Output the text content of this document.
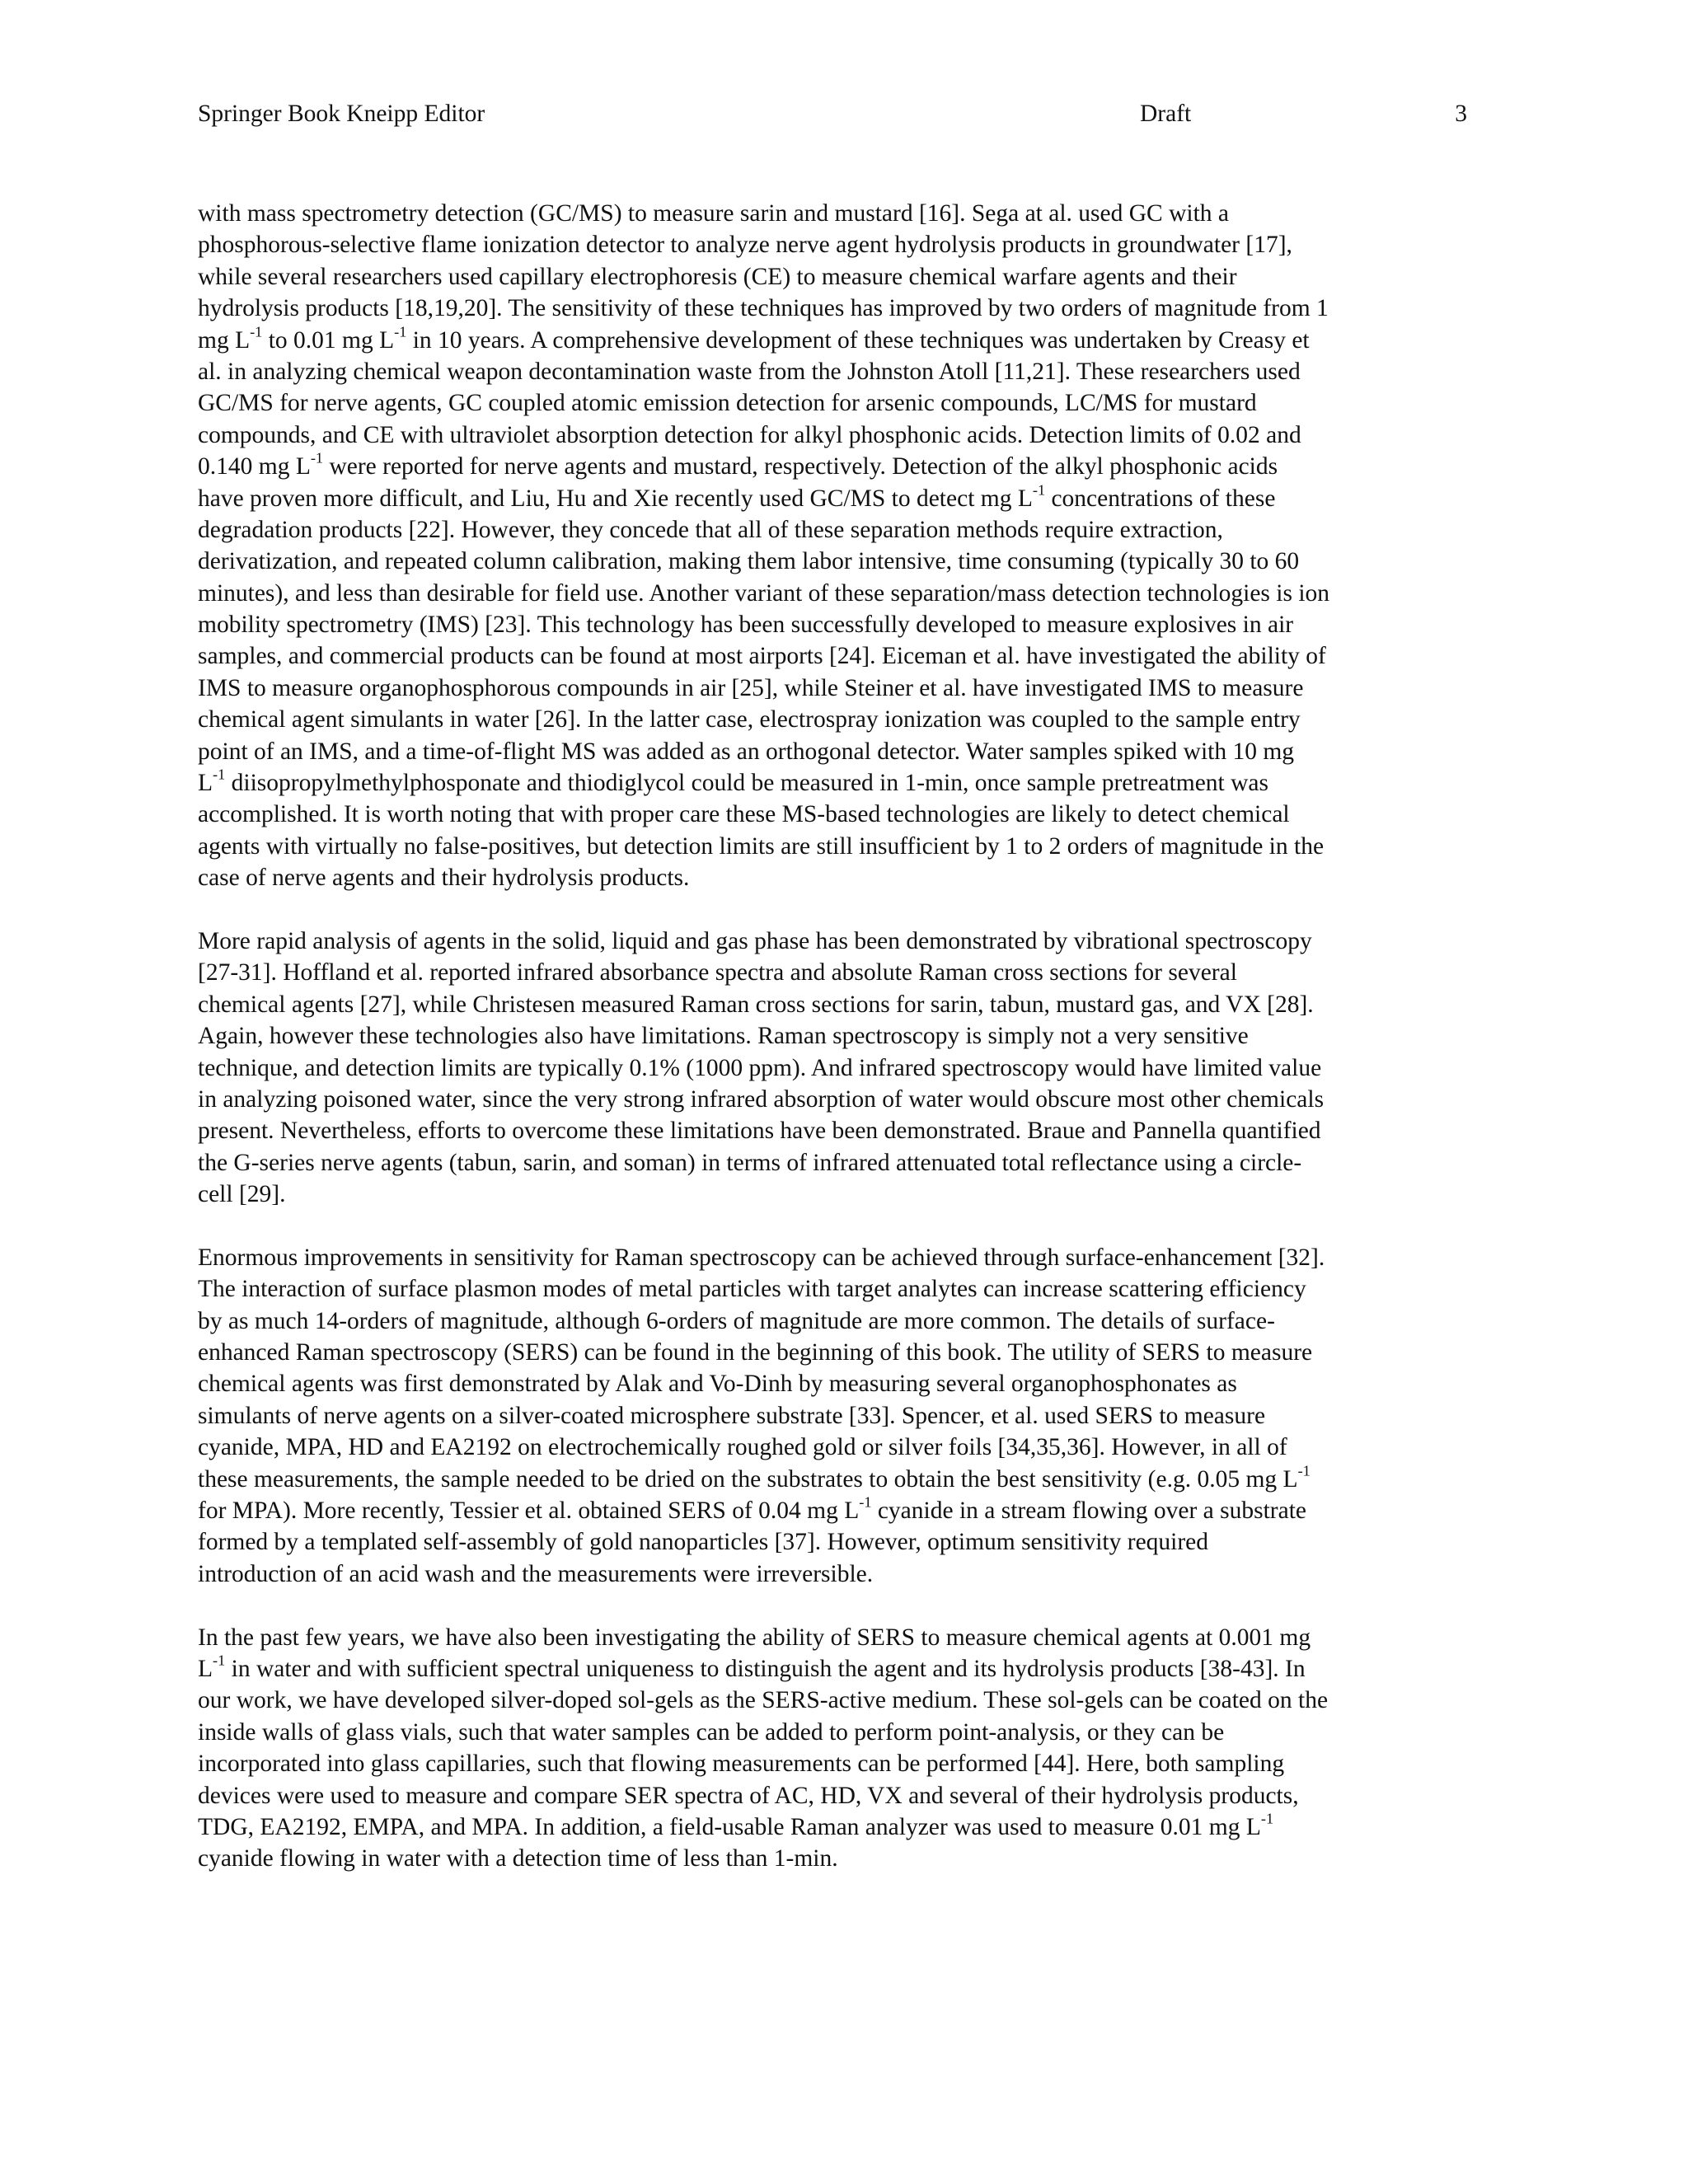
Springer Book Kneipp Editor	Draft	3
with mass spectrometry detection (GC/MS) to measure sarin and mustard [16]. Sega at al. used GC with a
phosphorous-selective flame ionization detector to analyze nerve agent hydrolysis products in groundwater [17],
while several researchers used capillary electrophoresis (CE) to measure chemical warfare agents and their
hydrolysis products [18,19,20]. The sensitivity of these techniques has improved by two orders of magnitude from 1
mg $L^{-1}$ to 0.01 mg $L^{-1}$ in 10 years. A comprehensive development of these techniques was undertaken by Creasy et
al. in analyzing chemical weapon decontamination waste from the Johnston Atoll [11,21]. These researchers used
GC/MS for nerve agents, GC coupled atomic emission detection for arsenic compounds, LC/MS for mustard
compounds, and CE with ultraviolet absorption detection for alkyl phosphonic acids. Detection limits of 0.02 and
0.140 mg $L^{-1}$ were reported for nerve agents and mustard, respectively. Detection of the alkyl phosphonic acids
have proven more difficult, and Liu, Hu and Xie recently used GC/MS to detect mg $L^{-1}$ concentrations of these
degradation products [22]. However, they concede that all of these separation methods require extraction,
derivatization, and repeated column calibration, making them labor intensive, time consuming (typically 30 to 60
minutes), and less than desirable for field use. Another variant of these separation/mass detection technologies is ion
mobility spectrometry (IMS) [23]. This technology has been successfully developed to measure explosives in air
samples, and commercial products can be found at most airports [24]. Eiceman et al. have investigated the ability of
IMS to measure organophosphorous compounds in air [25], while Steiner et al. have investigated IMS to measure
chemical agent simulants in water [26]. In the latter case, electrospray ionization was coupled to the sample entry
point of an IMS, and a time-of-flight MS was added as an orthogonal detector. Water samples spiked with 10 mg
$L^{-1}$ diisopropylmethylphosponate and thiodiglycol could be measured in 1-min, once sample pretreatment was
accomplished. It is worth noting that with proper care these MS-based technologies are likely to detect chemical
agents with virtually no false-positives, but detection limits are still insufficient by 1 to 2 orders of magnitude in the
case of nerve agents and their hydrolysis products.
More rapid analysis of agents in the solid, liquid and gas phase has been demonstrated by vibrational spectroscopy
[27-31]. Hoffland et al. reported infrared absorbance spectra and absolute Raman cross sections for several
chemical agents [27], while Christesen measured Raman cross sections for sarin, tabun, mustard gas, and VX [28].
Again, however these technologies also have limitations. Raman spectroscopy is simply not a very sensitive
technique, and detection limits are typically 0.1% (1000 ppm). And infrared spectroscopy would have limited value
in analyzing poisoned water, since the very strong infrared absorption of water would obscure most other chemicals
present. Nevertheless, efforts to overcome these limitations have been demonstrated. Braue and Pannella quantified
the G-series nerve agents (tabun, sarin, and soman) in terms of infrared attenuated total reflectance using a circle-
cell [29].
Enormous improvements in sensitivity for Raman spectroscopy can be achieved through surface-enhancement [32].
The interaction of surface plasmon modes of metal particles with target analytes can increase scattering efficiency
by as much 14-orders of magnitude, although 6-orders of magnitude are more common. The details of surface-
enhanced Raman spectroscopy (SERS) can be found in the beginning of this book. The utility of SERS to measure
chemical agents was first demonstrated by Alak and Vo-Dinh by measuring several organophosphonates as
simulants of nerve agents on a silver-coated microsphere substrate [33]. Spencer, et al. used SERS to measure
cyanide, MPA, HD and EA2192 on electrochemically roughed gold or silver foils [34,35,36]. However, in all of
these measurements, the sample needed to be dried on the substrates to obtain the best sensitivity (e.g. 0.05 mg $L^{-1}$
for MPA). More recently, Tessier et al. obtained SERS of 0.04 mg $L^{-1}$ cyanide in a stream flowing over a substrate
formed by a templated self-assembly of gold nanoparticles [37]. However, optimum sensitivity required
introduction of an acid wash and the measurements were irreversible.
In the past few years, we have also been investigating the ability of SERS to measure chemical agents at 0.001 mg
$L^{-1}$ in water and with sufficient spectral uniqueness to distinguish the agent and its hydrolysis products [38-43]. In
our work, we have developed silver-doped sol-gels as the SERS-active medium. These sol-gels can be coated on the
inside walls of glass vials, such that water samples can be added to perform point-analysis, or they can be
incorporated into glass capillaries, such that flowing measurements can be performed [44]. Here, both sampling
devices were used to measure and compare SER spectra of AC, HD, VX and several of their hydrolysis products,
TDG, EA2192, EMPA, and MPA. In addition, a field-usable Raman analyzer was used to measure 0.01 mg $L^{-1}$
cyanide flowing in water with a detection time of less than 1-min.
